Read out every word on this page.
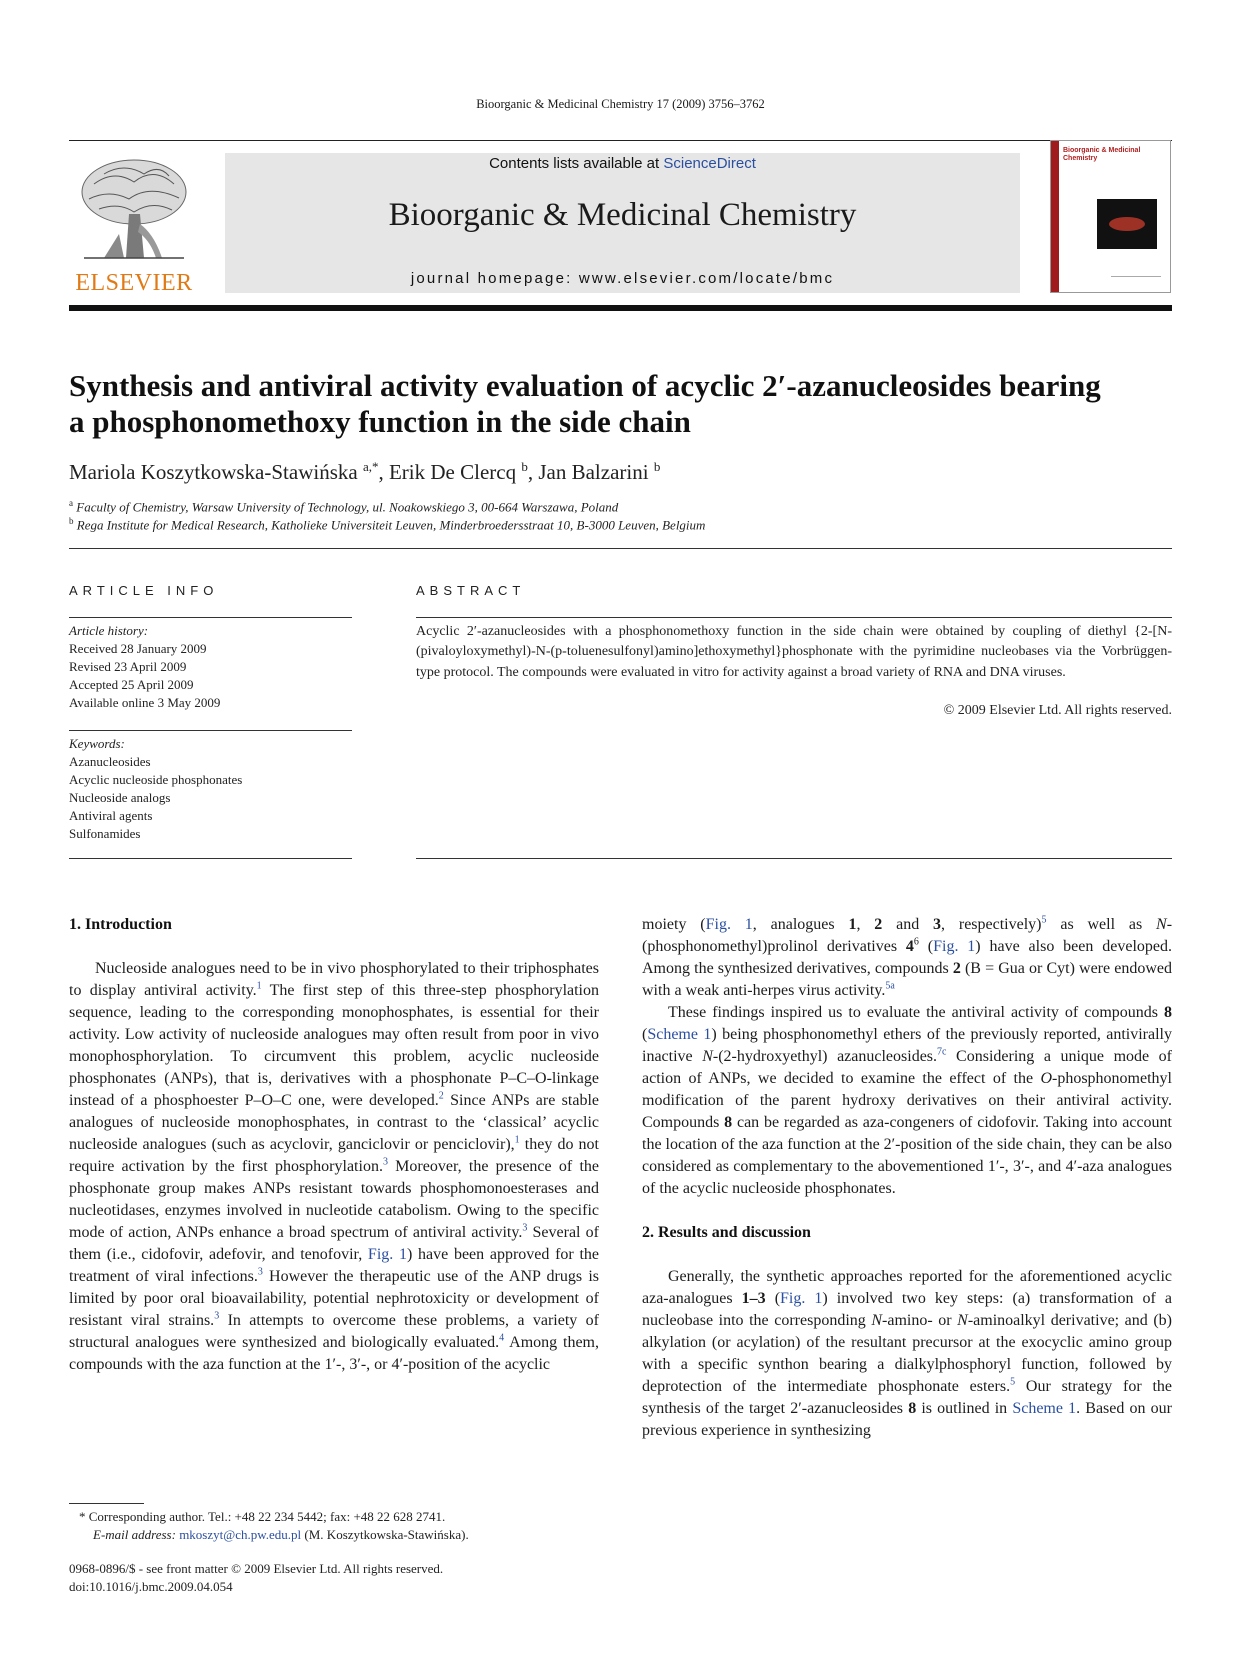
Bioorganic & Medicinal Chemistry 17 (2009) 3756–3762
ELSEVIER
Contents lists available at ScienceDirect
Bioorganic & Medicinal Chemistry
journal homepage: www.elsevier.com/locate/bmc
Bioorganic & Medicinal Chemistry
Synthesis and antiviral activity evaluation of acyclic 2′-azanucleosides bearing
a phosphonomethoxy function in the side chain
Mariola Koszytkowska-Stawińska $^{a,*}$, Erik De Clercq $^b$, Jan Balzarini $^b$
$^a$ Faculty of Chemistry, Warsaw University of Technology, ul. Noakowskiego 3, 00-664 Warszawa, Poland
$^b$ Rega Institute for Medical Research, Katholieke Universiteit Leuven, Minderbroedersstraat 10, B-3000 Leuven, Belgium
ARTICLE INFO
Article history:
Received 28 January 2009
Revised 23 April 2009
Accepted 25 April 2009
Available online 3 May 2009
Keywords:
Azanucleosides
Acyclic nucleoside phosphonates
Nucleoside analogs
Antiviral agents
Sulfonamides
ABSTRACT
Acyclic 2′-azanucleosides with a phosphonomethoxy function in the side chain were obtained by coupling of diethyl {2-[N-(pivaloyloxymethyl)-N-(p-toluenesulfonyl)amino]ethoxymethyl}phosphonate with the pyrimidine nucleobases via the Vorbrüggen-type protocol. The compounds were evaluated in vitro for activity against a broad variety of RNA and DNA viruses.
© 2009 Elsevier Ltd. All rights reserved.
1. Introduction

Nucleoside analogues need to be in vivo phosphorylated to their triphosphates to display antiviral activity.$^1$ The first step of this three-step phosphorylation sequence, leading to the corresponding monophosphates, is essential for their activity. Low activity of nucleoside analogues may often result from poor in vivo monophosphorylation. To circumvent this problem, acyclic nucleoside phosphonates (ANPs), that is, derivatives with a phosphonate P–C–O-linkage instead of a phosphoester P–O–C one, were developed.$^2$ Since ANPs are stable analogues of nucleoside monophosphates, in contrast to the ‘classical’ acyclic nucleoside analogues (such as acyclovir, ganciclovir or penciclovir),$^1$ they do not require activation by the first phosphorylation.$^3$ Moreover, the presence of the phosphonate group makes ANPs resistant towards phosphomonoesterases and nucleotidases, enzymes involved in nucleotide catabolism. Owing to the specific mode of action, ANPs enhance a broad spectrum of antiviral activity.$^3$ Several of them (i.e., cidofovir, adefovir, and tenofovir, Fig. 1) have been approved for the treatment of viral infections.$^3$ However the therapeutic use of the ANP drugs is limited by poor oral bioavailability, potential nephrotoxicity or development of resistant viral strains.$^3$ In attempts to overcome these problems, a variety of structural analogues were synthesized and biologically evaluated.$^4$ Among them, compounds with the aza function at the 1′-, 3′-, or 4′-position of the acyclic

moiety (Fig. 1, analogues 1, 2 and 3, respectively)$^5$ as well as N-(phosphonomethyl)prolinol derivatives $4^6$ (Fig. 1) have also been developed. Among the synthesized derivatives, compounds 2 (B = Gua or Cyt) were endowed with a weak anti-herpes virus activity.$^{5a}$

These findings inspired us to evaluate the antiviral activity of compounds 8 (Scheme 1) being phosphonomethyl ethers of the previously reported, antivirally inactive N-(2-hydroxyethyl) azanucleosides.$^{7c}$ Considering a unique mode of action of ANPs, we decided to examine the effect of the O-phosphonomethyl modification of the parent hydroxy derivatives on their antiviral activity. Compounds 8 can be regarded as aza-congeners of cidofovir. Taking into account the location of the aza function at the 2′-position of the side chain, they can be also considered as complementary to the abovementioned 1′-, 3′-, and 4′-aza analogues of the acyclic nucleoside phosphonates.

2. Results and discussion

Generally, the synthetic approaches reported for the aforementioned acyclic aza-analogues 1–3 (Fig. 1) involved two key steps: (a) transformation of a nucleobase into the corresponding N-amino- or N-aminoalkyl derivative; and (b) alkylation (or acylation) of the resultant precursor at the exocyclic amino group with a specific synthon bearing a dialkylphosphoryl function, followed by deprotection of the intermediate phosphonate esters.$^5$ Our strategy for the synthesis of the target 2′-azanucleosides 8 is outlined in Scheme 1. Based on our previous experience in synthesizing

* Corresponding author. Tel.: +48 22 234 5442; fax: +48 22 628 2741.
E-mail address: mkoszyt@ch.pw.edu.pl (M. Koszytkowska-Stawińska).
0968-0896/$ - see front matter © 2009 Elsevier Ltd. All rights reserved.
doi:10.1016/j.bmc.2009.04.054
